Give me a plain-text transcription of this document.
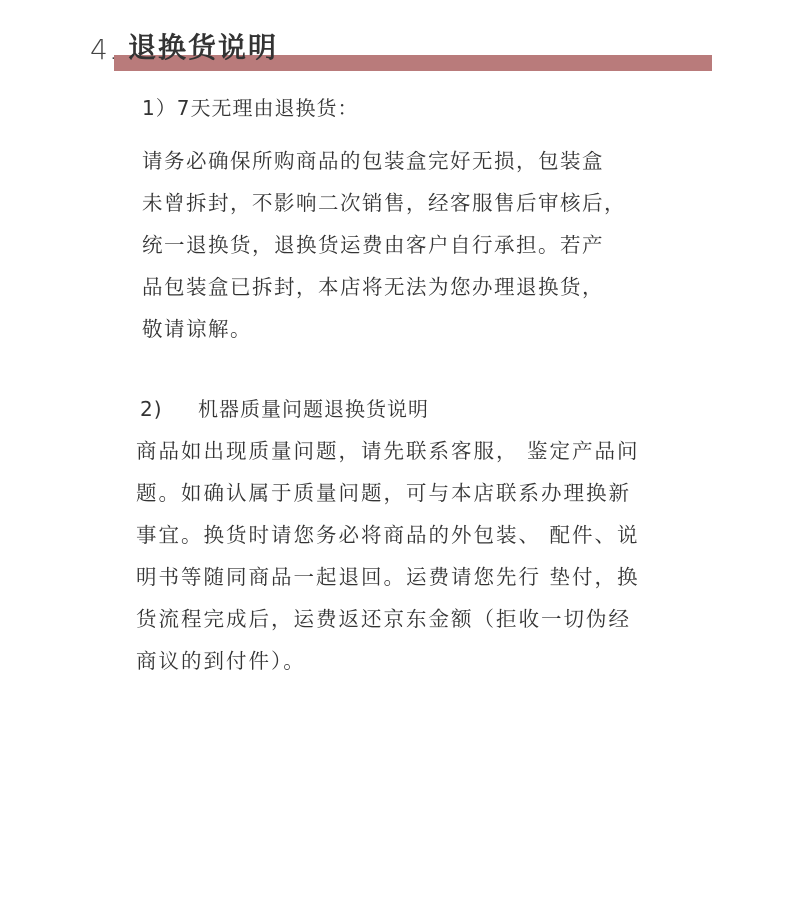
4. 退换货说明
1）7天无理由退换货：

请务必确保所购商品的包装盒完好无损，包装盒
未曾拆封，不影响二次销售，经客服售后审核后，
统一退换货，退换货运费由客户自行承担。若产
品包装盒已拆封，本店将无法为您办理退换货，
敬请谅解。

2) 机器质量问题退换货说明

商品如出现质量问题，请先联系客服， 鉴定产品问
题。如确认属于质量问题，可与本店联系办理换新
事宜。换货时请您务必将商品的外包装、 配件、说
明书等随同商品一起退回。运费请您先行 垫付，换
货流程完成后，运费返还京东金额（拒收一切伪经
商议的到付件）。
